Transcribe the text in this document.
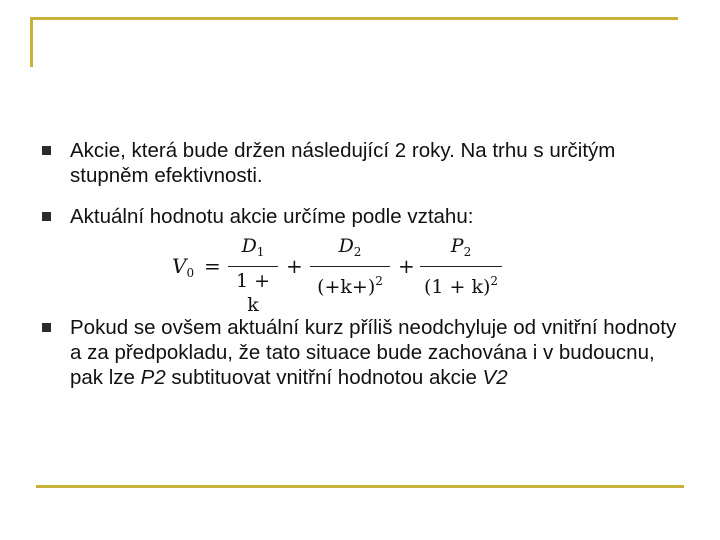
Akcie, která bude držen následující 2 roky. Na trhu s určitým stupněm efektivnosti.
Aktuální hodnotu akcie určíme podle vztahu:
Pokud se ovšem aktuální kurz příliš neodchyluje od vnitřní hodnoty a za předpokladu, že tato situace bude zachována i v budoucnu, pak lze P2 subtituovat vnitřní hodnotou akcie V2
$V_0$ =
$D_1$
1 + k
+
$D_2$
$(+k+)^2$
+
$P_2$
$(1 + k)^2$
